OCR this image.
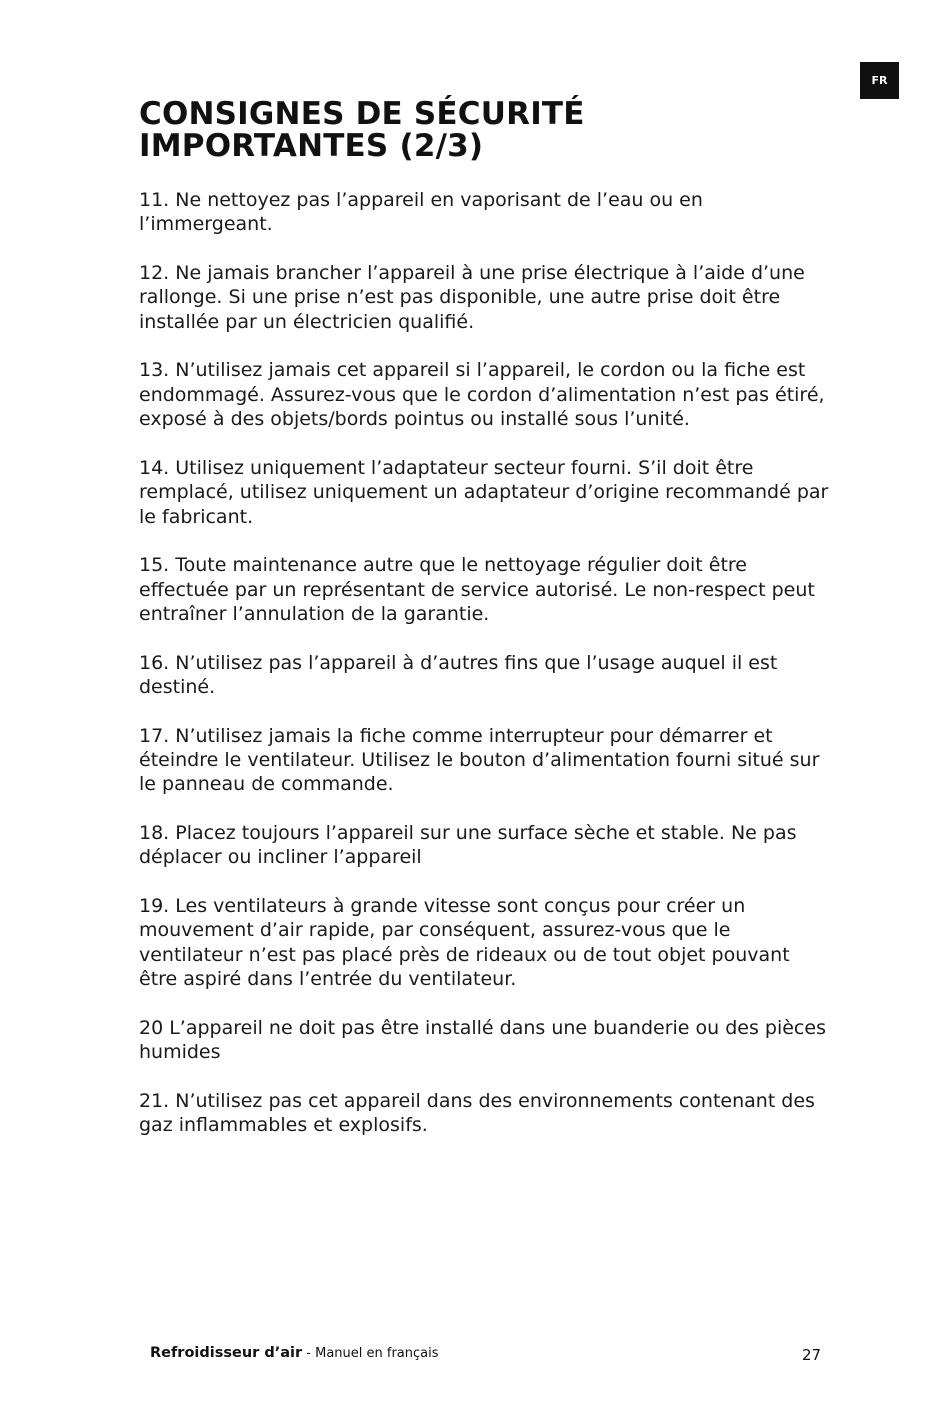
FR
CONSIGNES DE SÉCURITÉ IMPORTANTES (2/3)
11. Ne nettoyez pas l’appareil en vaporisant de l’eau ou en l’immergeant.
12. Ne jamais brancher l’appareil à une prise électrique à l’aide d’une rallonge. Si une prise n’est pas disponible, une autre prise doit être installée par un électricien qualifié.
13. N’utilisez jamais cet appareil si l’appareil, le cordon ou la fiche est endommagé. Assurez-vous que le cordon d’alimentation n’est pas étiré, exposé à des objets/bords pointus ou installé sous l’unité.
14. Utilisez uniquement l’adaptateur secteur fourni. S’il doit être remplacé, utilisez uniquement un adaptateur d’origine recommandé par le fabricant.
15. Toute maintenance autre que le nettoyage régulier doit être effectuée par un représentant de service autorisé. Le non-respect peut entraîner l’annulation de la garantie.
16. N’utilisez pas l’appareil à d’autres fins que l’usage auquel il est destiné.
17. N’utilisez jamais la fiche comme interrupteur pour démarrer et éteindre le ventilateur. Utilisez le bouton d’alimentation fourni situé sur le panneau de commande.
18. Placez toujours l’appareil sur une surface sèche et stable. Ne pas déplacer ou incliner l’appareil
19. Les ventilateurs à grande vitesse sont conçus pour créer un mouvement d’air rapide, par conséquent, assurez-vous que le ventilateur n’est pas placé près de rideaux ou de tout objet pouvant être aspiré dans l’entrée du ventilateur.
20 L’appareil ne doit pas être installé dans une buanderie ou des pièces humides
21. N’utilisez pas cet appareil dans des environnements contenant des gaz inflammables et explosifs.
Refroidisseur d’air - Manuel en français	27
